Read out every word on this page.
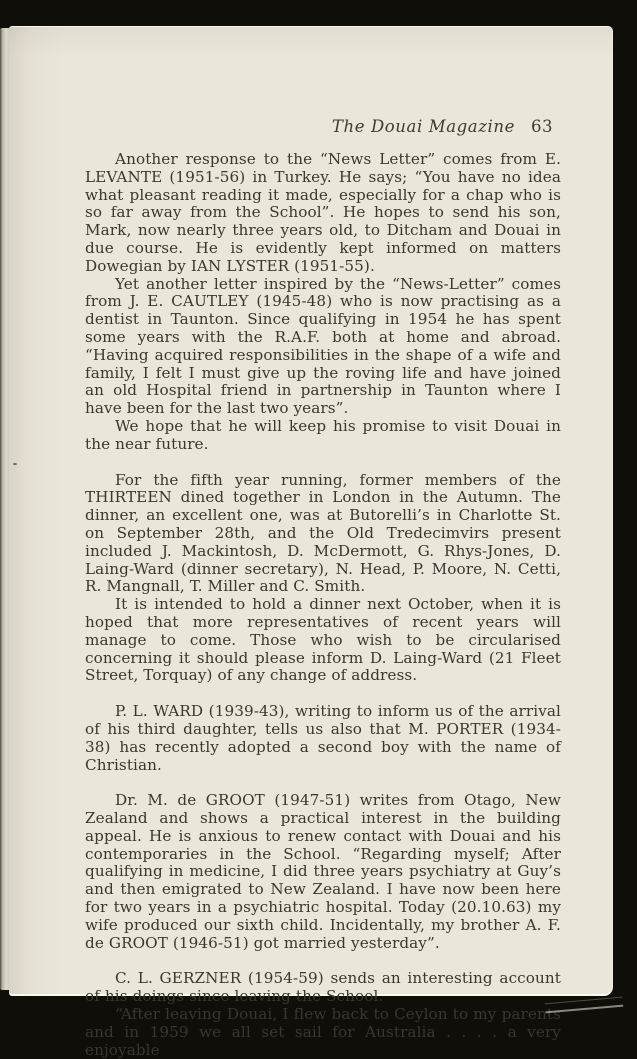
The Douai Magazine 63

Another response to the “News Letter” comes from E. LEVANTE (1951-56) in Turkey. He says; “You have no idea what pleasant reading it made, especially for a chap who is so far away from the School”. He hopes to send his son, Mark, now nearly three years old, to Ditcham and Douai in due course. He is evidently kept informed on matters Dowegian by IAN LYSTER (1951-55).

Yet another letter inspired by the “News-Letter” comes from J. E. CAUTLEY (1945-48) who is now practising as a dentist in Taunton. Since qualifying in 1954 he has spent some years with the R.A.F. both at home and abroad. “Having acquired responsibilities in the shape of a wife and family, I felt I must give up the roving life and have joined an old Hospital friend in partnership in Taunton where I have been for the last two years”.

We hope that he will keep his promise to visit Douai in the near future.

For the fifth year running, former members of the THIRTEEN dined together in London in the Autumn. The dinner, an excellent one, was at Butorelli’s in Charlotte St. on September 28th, and the Old Tredecimvirs present included J. Mackintosh, D. McDermott, G. Rhys-Jones, D. Laing-Ward (dinner secretary), N. Head, P. Moore, N. Cetti, R. Mangnall, T. Miller and C. Smith.

It is intended to hold a dinner next October, when it is hoped that more representatives of recent years will manage to come. Those who wish to be circularised concerning it should please inform D. Laing-Ward (21 Fleet Street, Torquay) of any change of address.

P. L. WARD (1939-43), writing to inform us of the arrival of his third daughter, tells us also that M. PORTER (1934-38) has recently adopted a second boy with the name of Christian.

Dr. M. de GROOT (1947-51) writes from Otago, New Zealand and shows a practical interest in the building appeal. He is anxious to renew contact with Douai and his contemporaries in the School. “Regarding myself; After qualifying in medicine, I did three years psychiatry at Guy’s and then emigrated to New Zealand. I have now been here for two years in a psychiatric hospital. Today (20.10.63) my wife produced our sixth child. Incidentally, my brother A. F. de GROOT (1946-51) got married yesterday”.

C. L. GERZNER (1954-59) sends an interesting account of his doings since leaving the School.

“After leaving Douai, I flew back to Ceylon to my parents and in 1959 we all set sail for Australia . . . . a very enjoyable
